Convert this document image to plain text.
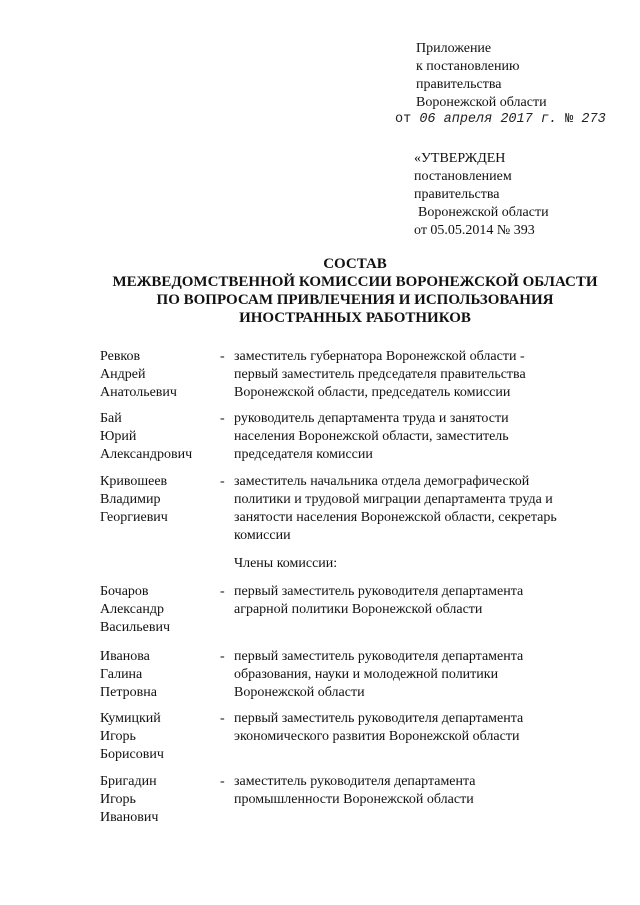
Приложение
к постановлению
правительства
Воронежской области
от 06 апреля 2017 г. № 273
«УТВЕРЖДЕН
постановлением
правительства
Воронежской области
от 05.05.2014 № 393
СОСТАВ
МЕЖВЕДОМСТВЕННОЙ КОМИССИИ ВОРОНЕЖСКОЙ ОБЛАСТИ
ПО ВОПРОСАМ ПРИВЛЕЧЕНИЯ И ИСПОЛЬЗОВАНИЯ
ИНОСТРАННЫХ РАБОТНИКОВ
Ревков
Андрей
Анатольевич
- заместитель губернатора Воронежской области -
первый заместитель председателя правительства
Воронежской области, председатель комиссии
Бай
Юрий
Александрович
- руководитель департамента труда и занятости
населения Воронежской области, заместитель
председателя комиссии
Кривошеев
Владимир
Георгиевич
- заместитель начальника отдела демографической
политики и трудовой миграции департамента труда и
занятости населения Воронежской области, секретарь
комиссии
Члены комиссии:
Бочаров
Александр
Васильевич
- первый заместитель руководителя департамента
аграрной политики Воронежской области
Иванова
Галина
Петровна
- первый заместитель руководителя департамента
образования, науки и молодежной политики
Воронежской области
Кумицкий
Игорь
Борисович
- первый заместитель руководителя департамента
экономического развития Воронежской области
Бригадин
Игорь
Иванович
- заместитель руководителя департамента
промышленности Воронежской области
